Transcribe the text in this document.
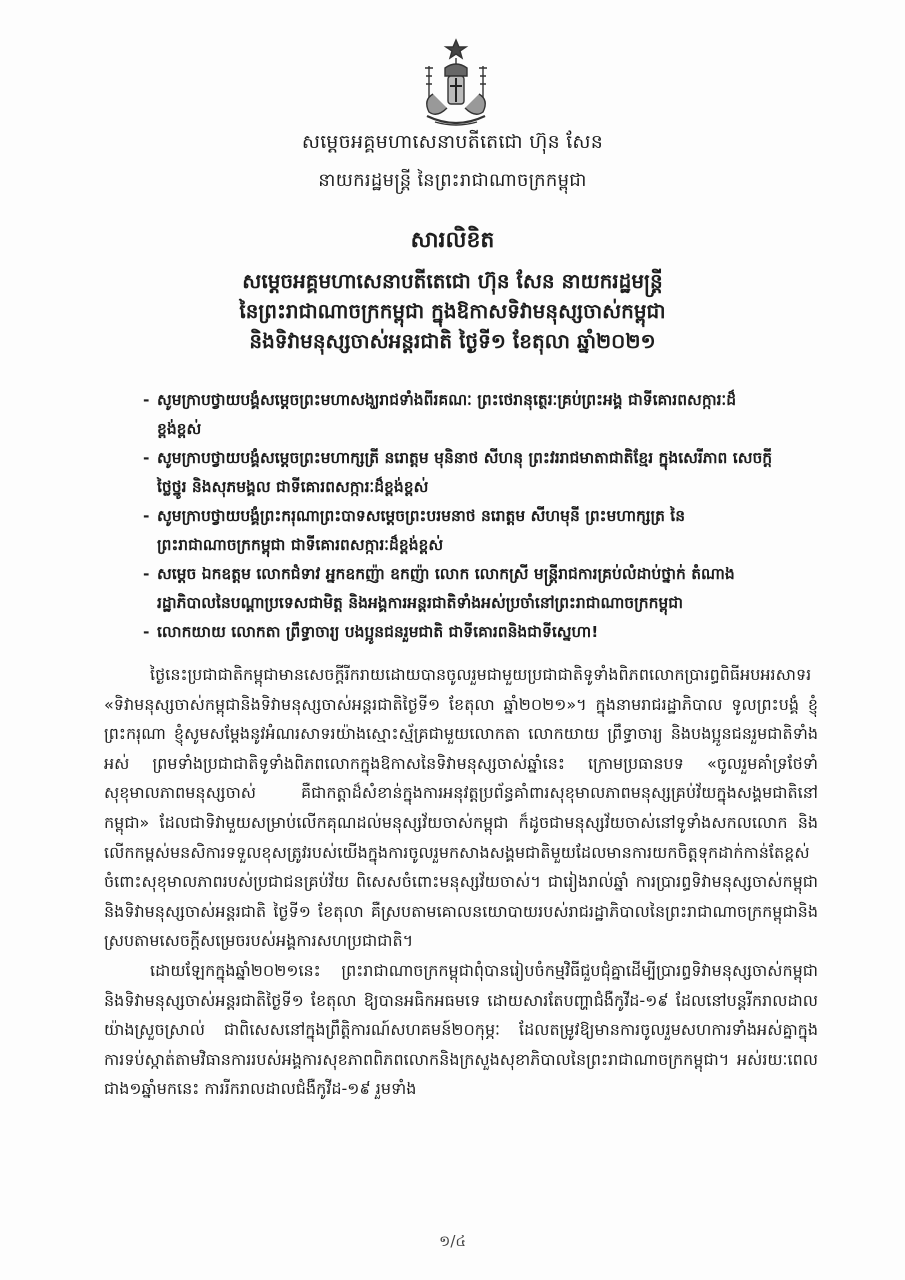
សម្ដេចអគ្គមហាសេនាបតីតេជោ ហ៊ុន សែន
នាយករដ្ឋមន្ត្រី នៃព្រះរាជាណាចក្រកម្ពុជា
សារលិខិត
សម្ដេចអគ្គមហាសេនាបតីតេជោ ហ៊ុន សែន នាយករដ្ឋមន្ត្រី
នៃព្រះរាជាណាចក្រកម្ពុជា ក្នុងឱកាសទិវាមនុស្សចាស់កម្ពុជា
និងទិវាមនុស្សចាស់អន្តរជាតិ ថ្ងៃទី១ ខែតុលា ឆ្នាំ២០២១
- សូមក្រាបថ្វាយបង្គំសម្ដេចព្រះមហាសង្ឃរាជទាំងពីរគណៈ ព្រះថេរានុត្ថេរៈគ្រប់ព្រះអង្គ ជាទីគោរពសក្ការៈដ៏ខ្ពង់ខ្ពស់
- សូមក្រាបថ្វាយបង្គំសម្ដេចព្រះមហាក្សត្រី នរោត្តម មុនិនាថ សីហនុ ព្រះវររាជមាតាជាតិខ្មែរ ក្នុងសេរីភាព សេចក្ដីថ្លៃថ្នូរ និងសុភមង្គល ជាទីគោរពសក្ការៈដ៏ខ្ពង់ខ្ពស់
- សូមក្រាបថ្វាយបង្គំព្រះករុណាព្រះបាទសម្ដេចព្រះបរមនាថ នរោត្តម សីហមុនី ព្រះមហាក្សត្រ នៃព្រះរាជាណាចក្រកម្ពុជា ជាទីគោរពសក្ការៈដ៏ខ្ពង់ខ្ពស់
- សម្ដេច ឯកឧត្តម លោកជំទាវ អ្នកឧកញ៉ា ឧកញ៉ា លោក លោកស្រី មន្ត្រីរាជការគ្រប់លំដាប់ថ្នាក់ តំណាងរដ្ឋាភិបាលនៃបណ្ដាប្រទេសជាមិត្ត និងអង្គការអន្តរជាតិទាំងអស់ប្រចាំនៅព្រះរាជាណាចក្រកម្ពុជា
- លោកយាយ លោកតា ព្រឹទ្ធាចារ្យ បងប្អូនជនរួមជាតិ ជាទីគោរពនិងជាទីស្នេហា!

ថ្ងៃនេះប្រជាជាតិកម្ពុជាមានសេចក្ដីរីករាយដោយបានចូលរួមជាមួយប្រជាជាតិទូទាំងពិភពលោកប្រារព្ធពិធីអបអរសាទរ «ទិវាមនុស្សចាស់កម្ពុជានិងទិវាមនុស្សចាស់អន្តរជាតិថ្ងៃទី១ ខែតុលា ឆ្នាំ២០២១»។ ក្នុងនាមរាជរដ្ឋាភិបាល ទូលព្រះបង្គំ ខ្ញុំព្រះករុណា ខ្ញុំសូមសម្ដែងនូវអំណរសាទរយ៉ាងស្មោះស្ម័គ្រជាមួយលោកតា លោកយាយ ព្រឹទ្ធាចារ្យ និងបងប្អូនជនរួមជាតិទាំងអស់ ព្រមទាំងប្រជាជាតិទូទាំងពិភពលោកក្នុងឱកាសនៃទិវាមនុស្សចាស់ឆ្នាំនេះ ក្រោមប្រធានបទ «ចូលរួមគាំទ្រថែទាំសុខុមាលភាពមនុស្សចាស់ គឺជាកត្តាដ៏សំខាន់ក្នុងការអនុវត្តប្រព័ន្ធគាំពារសុខុមាលភាពមនុស្សគ្រប់វ័យក្នុងសង្គមជាតិនៅកម្ពុជា» ដែលជាទិវាមួយសម្រាប់លើកគុណដល់មនុស្សវ័យចាស់កម្ពុជា ក៏ដូចជាមនុស្សវ័យចាស់នៅទូទាំងសកលលោក និងលើកកម្ពស់មនសិការទទួលខុសត្រូវរបស់យើងក្នុងការចូលរួមកសាងសង្គមជាតិមួយដែលមានការយកចិត្តទុកដាក់កាន់តែខ្ពស់ចំពោះសុខុមាលភាពរបស់ប្រជាជនគ្រប់វ័យ ពិសេសចំពោះមនុស្សវ័យចាស់។ ជារៀងរាល់ឆ្នាំ ការប្រារព្ធទិវាមនុស្សចាស់កម្ពុជានិងទិវាមនុស្សចាស់អន្តរជាតិ ថ្ងៃទី១ ខែតុលា គឺស្របតាមគោលនយោបាយរបស់រាជរដ្ឋាភិបាលនៃព្រះរាជាណាចក្រកម្ពុជានិងស្របតាមសេចក្ដីសម្រេចរបស់អង្គការសហប្រជាជាតិ។

ដោយឡែកក្នុងឆ្នាំ២០២១នេះ ព្រះរាជាណាចក្រកម្ពុជាពុំបានរៀបចំកម្មវិធីជួបជុំគ្នាដើម្បីប្រារព្ធទិវាមនុស្សចាស់កម្ពុជានិងទិវាមនុស្សចាស់អន្តរជាតិថ្ងៃទី១ ខែតុលា ឱ្យបានអធិកអធមទេ ដោយសារតែបញ្ហាជំងឺកូវីដ-១៩ ដែលនៅបន្តរីករាលដាលយ៉ាងស្រួចស្រាល់ ជាពិសេសនៅក្នុងព្រឹត្តិការណ៍សហគមន៍២០កុម្ភៈ ដែលតម្រូវឱ្យមានការចូលរួមសហការទាំងអស់គ្នាក្នុងការទប់ស្កាត់តាមវិធានការរបស់អង្គការសុខភាពពិភពលោកនិងក្រសួងសុខាភិបាលនៃព្រះរាជាណាចក្រកម្ពុជា។ អស់រយៈពេលជាង១ឆ្នាំមកនេះ ការរីករាលដាលជំងឺកូវីដ-១៩ រួមទាំង

១/៤
